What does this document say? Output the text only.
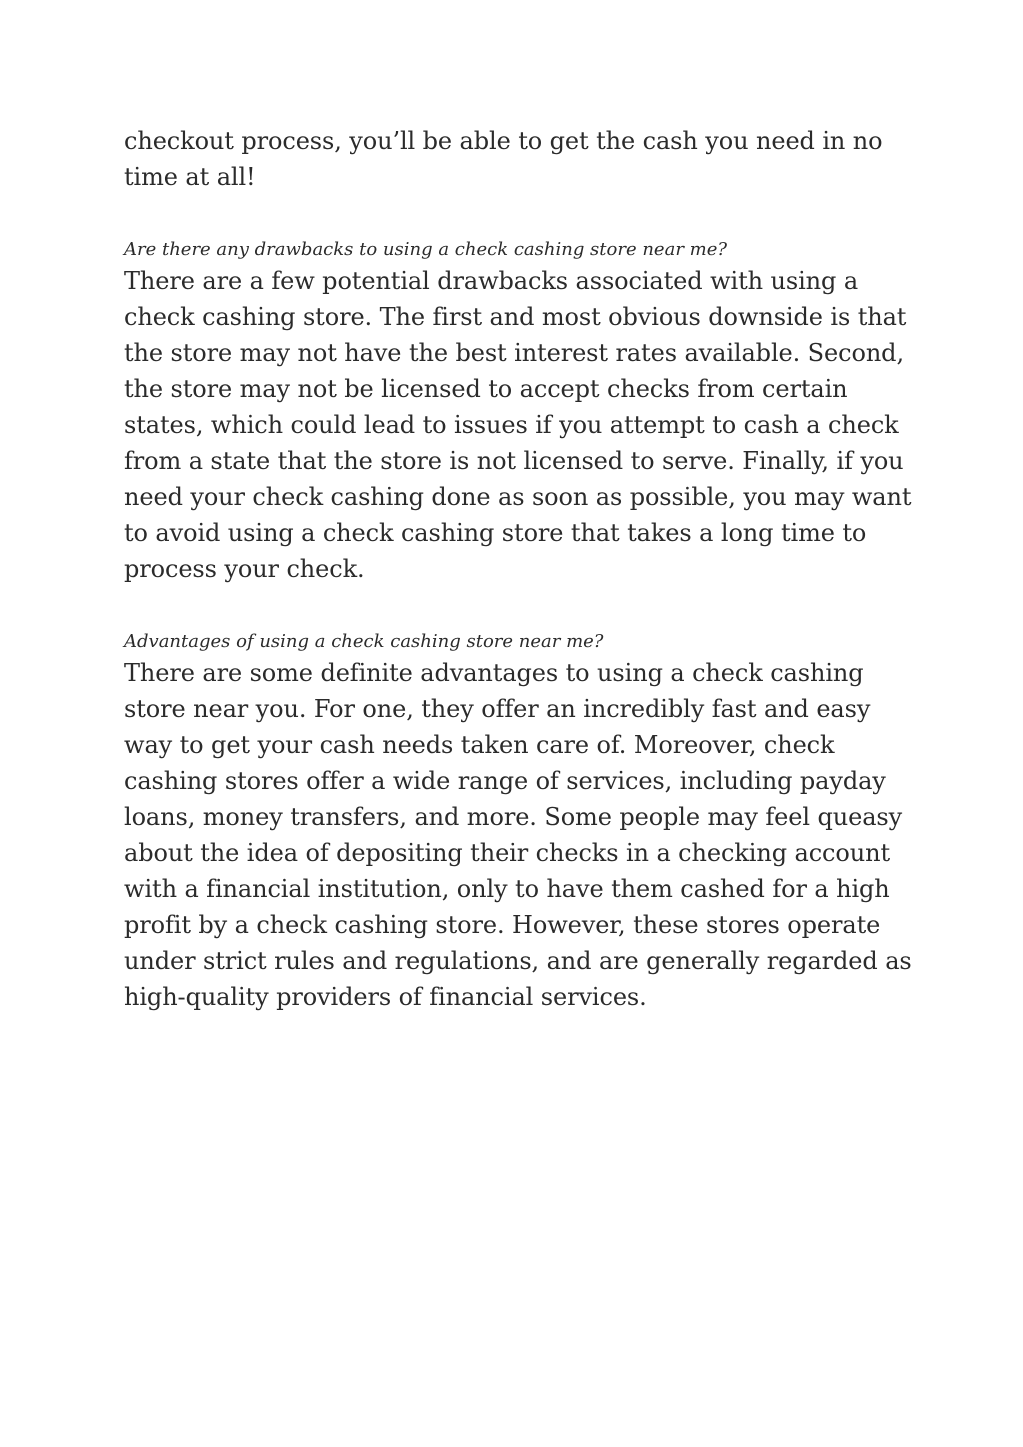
checkout process, you’ll be able to get the cash you need in no time at all!

Are there any drawbacks to using a check cashing store near me?

There are a few potential drawbacks associated with using a check cashing store. The first and most obvious downside is that the store may not have the best interest rates available. Second, the store may not be licensed to accept checks from certain states, which could lead to issues if you attempt to cash a check from a state that the store is not licensed to serve. Finally, if you need your check cashing done as soon as possible, you may want to avoid using a check cashing store that takes a long time to process your check.

Advantages of using a check cashing store near me?

There are some definite advantages to using a check cashing store near you. For one, they offer an incredibly fast and easy way to get your cash needs taken care of. Moreover, check cashing stores offer a wide range of services, including payday loans, money transfers, and more. Some people may feel queasy about the idea of depositing their checks in a checking account with a financial institution, only to have them cashed for a high profit by a check cashing store. However, these stores operate under strict rules and regulations, and are generally regarded as high-quality providers of financial services.
